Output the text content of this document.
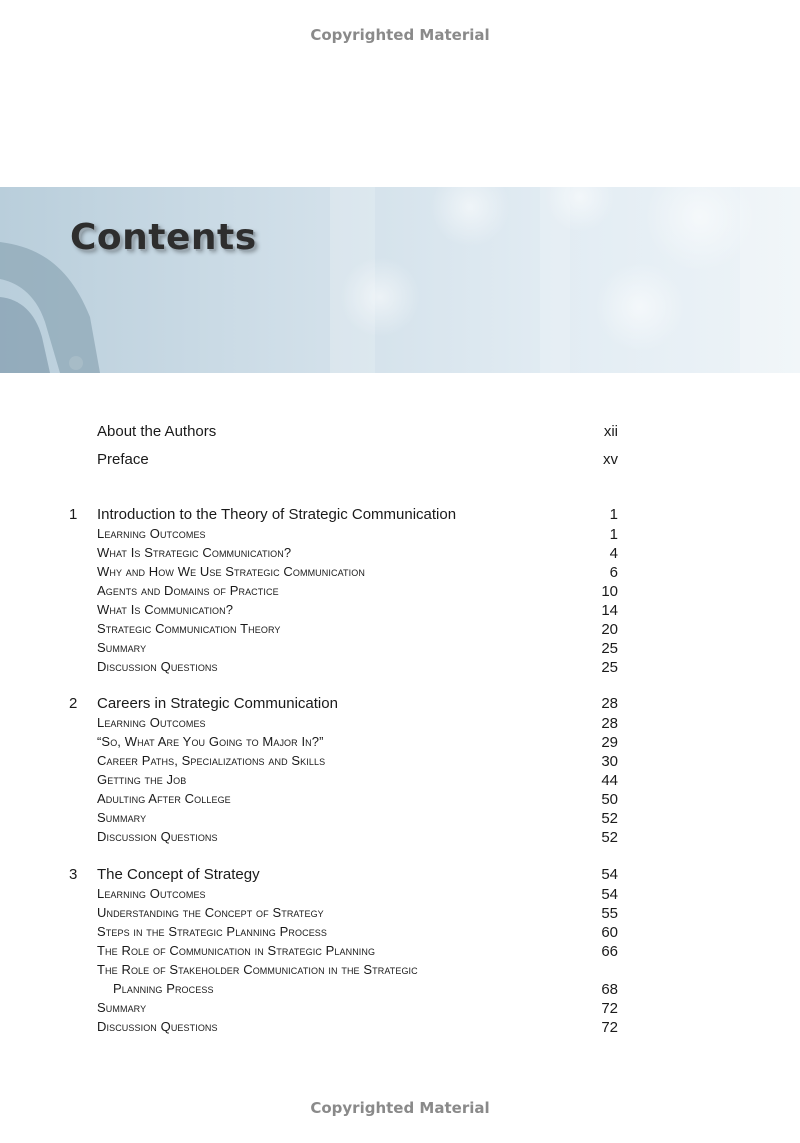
Copyrighted Material
Contents
About the Authors	xii
Preface	xv
1 Introduction to the Theory of Strategic Communication	1
Learning Outcomes	1
What Is Strategic Communication?	4
Why and How We Use Strategic Communication	6
Agents and Domains of Practice	10
What Is Communication?	14
Strategic Communication Theory	20
Summary	25
Discussion Questions	25
2 Careers in Strategic Communication	28
Learning Outcomes	28
“So, What Are You Going to Major In?”	29
Career Paths, Specializations and Skills	30
Getting the Job	44
Adulting After College	50
Summary	52
Discussion Questions	52
3 The Concept of Strategy	54
Learning Outcomes	54
Understanding the Concept of Strategy	55
Steps in the Strategic Planning Process	60
The Role of Communication in Strategic Planning	66
The Role of Stakeholder Communication in the Strategic
Planning Process	68
Summary	72
Discussion Questions	72
Copyrighted Material
